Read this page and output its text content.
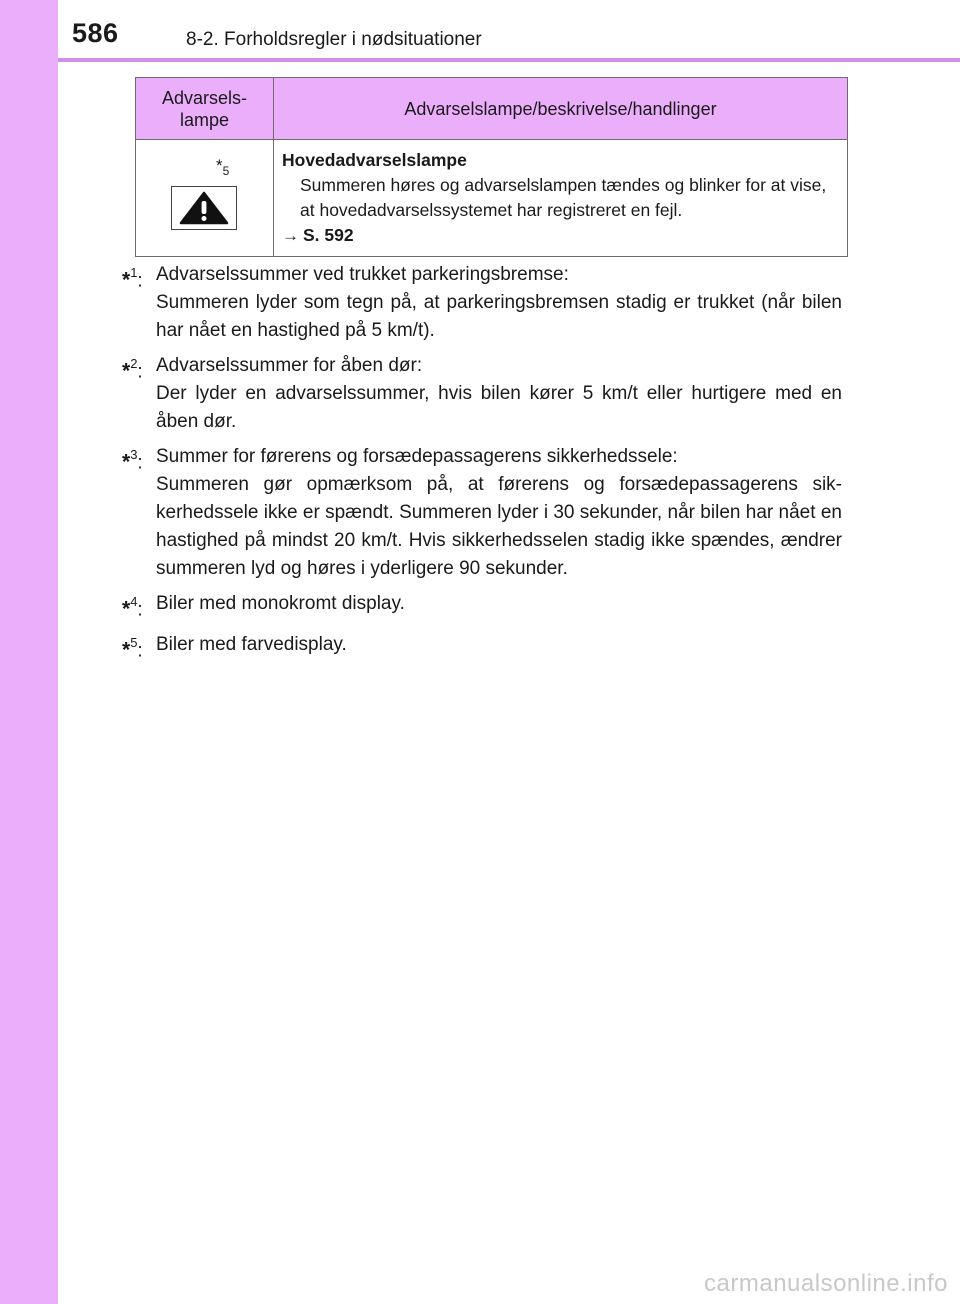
586	8-2. Forholdsregler i nødsituationer
Advarsels-
lampe	Advarselslampe/beskrivelse/handlinger

$*_5$	Hovedadvarselslampe
Summeren høres og advarselslampen tændes og blinker for at vise, at hovedadvarselssystemet har registreret en fejl.
→ S. 592
*$^1$: Advarselssummer ved trukket parkeringsbremse:
Summeren lyder som tegn på, at parkeringsbremsen stadig er trukket (når bilen har nået en hastighed på 5 km/t).
*$^2$: Advarselssummer for åben dør:
Der lyder en advarselssummer, hvis bilen kører 5 km/t eller hurtigere med en åben dør.
*$^3$: Summer for førerens og forsædepassagerens sikkerhedssele:
Summeren gør opmærksom på, at førerens og forsædepassagerens sik-kerhedssele ikke er spændt. Summeren lyder i 30 sekunder, når bilen har nået en hastighed på mindst 20 km/t. Hvis sikkerhedsselen stadig ikke spændes, ændrer summeren lyd og høres i yderligere 90 sekunder.
*$^4$: Biler med monokromt display.
*$^5$: Biler med farvedisplay.
carmanualsonline.info
